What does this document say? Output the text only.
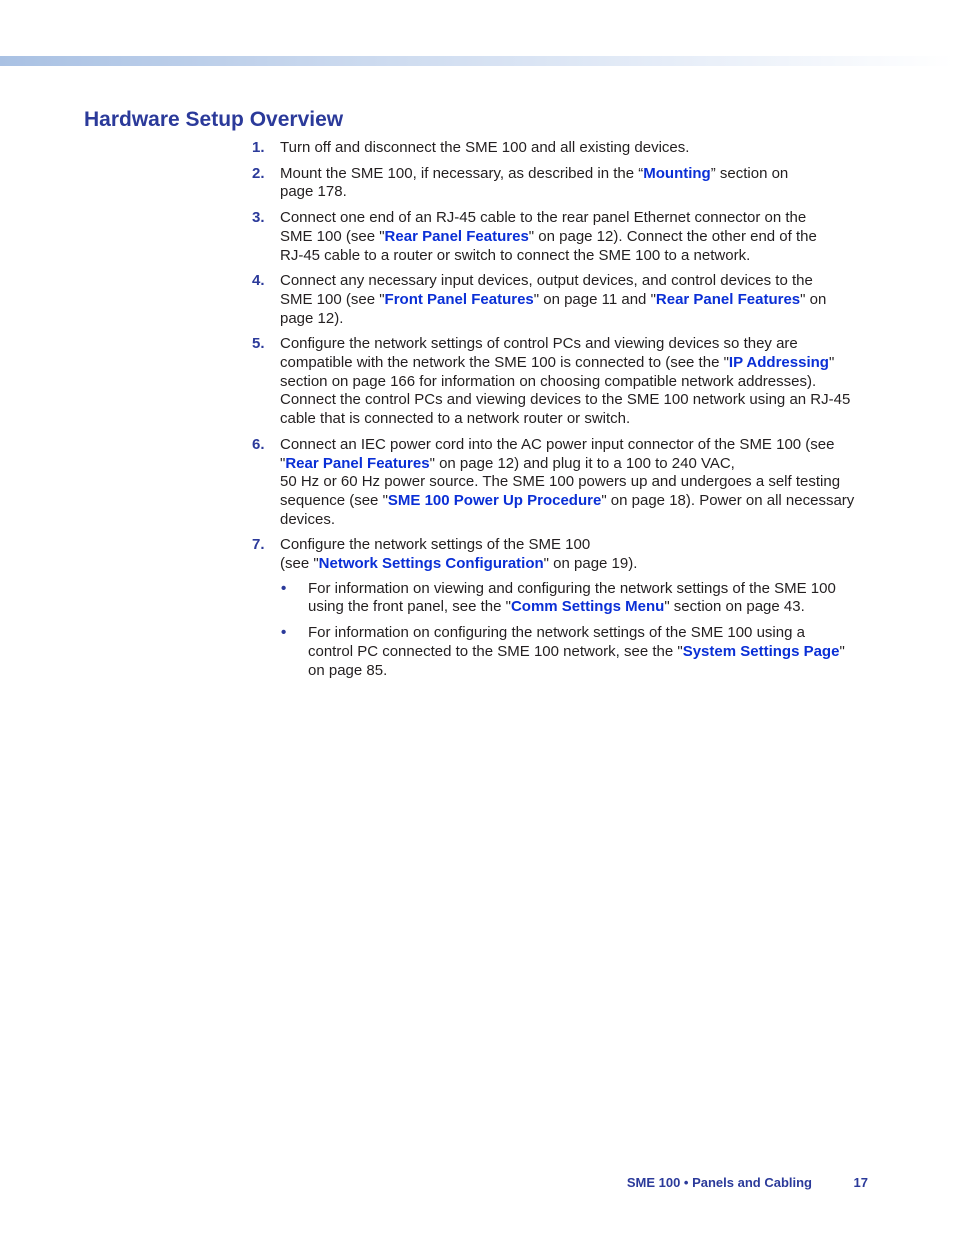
Hardware Setup Overview
1. Turn off and disconnect the SME 100 and all existing devices.
2. Mount the SME 100, if necessary, as described in the “Mounting” section on
page 178.
3. Connect one end of an RJ-45 cable to the rear panel Ethernet connector on the
SME 100 (see "Rear Panel Features" on page 12). Connect the other end of the
RJ-45 cable to a router or switch to connect the SME 100 to a network.
4. Connect any necessary input devices, output devices, and control devices to the
SME 100 (see "Front Panel Features" on page 11 and "Rear Panel Features" on
page 12).
5. Configure the network settings of control PCs and viewing devices so they are
compatible with the network the SME 100 is connected to (see the "IP Addressing"
section on page 166 for information on choosing compatible network addresses).
Connect the control PCs and viewing devices to the SME 100 network using an RJ-45
cable that is connected to a network router or switch.
6. Connect an IEC power cord into the AC power input connector of the SME 100 (see
"Rear Panel Features" on page 12) and plug it to a 100 to 240 VAC,
50 Hz or 60 Hz power source. The SME 100 powers up and undergoes a self testing
sequence (see "SME 100 Power Up Procedure" on page 18). Power on all necessary
devices.
7. Configure the network settings of the SME 100
(see "Network Settings Configuration" on page 19).
• For information on viewing and configuring the network settings of the SME 100
using the front panel, see the "Comm Settings Menu" section on page 43.
• For information on configuring the network settings of the SME 100 using a
control PC connected to the SME 100 network, see the "System Settings Page"
on page 85.
SME 100 • Panels and Cabling	17
